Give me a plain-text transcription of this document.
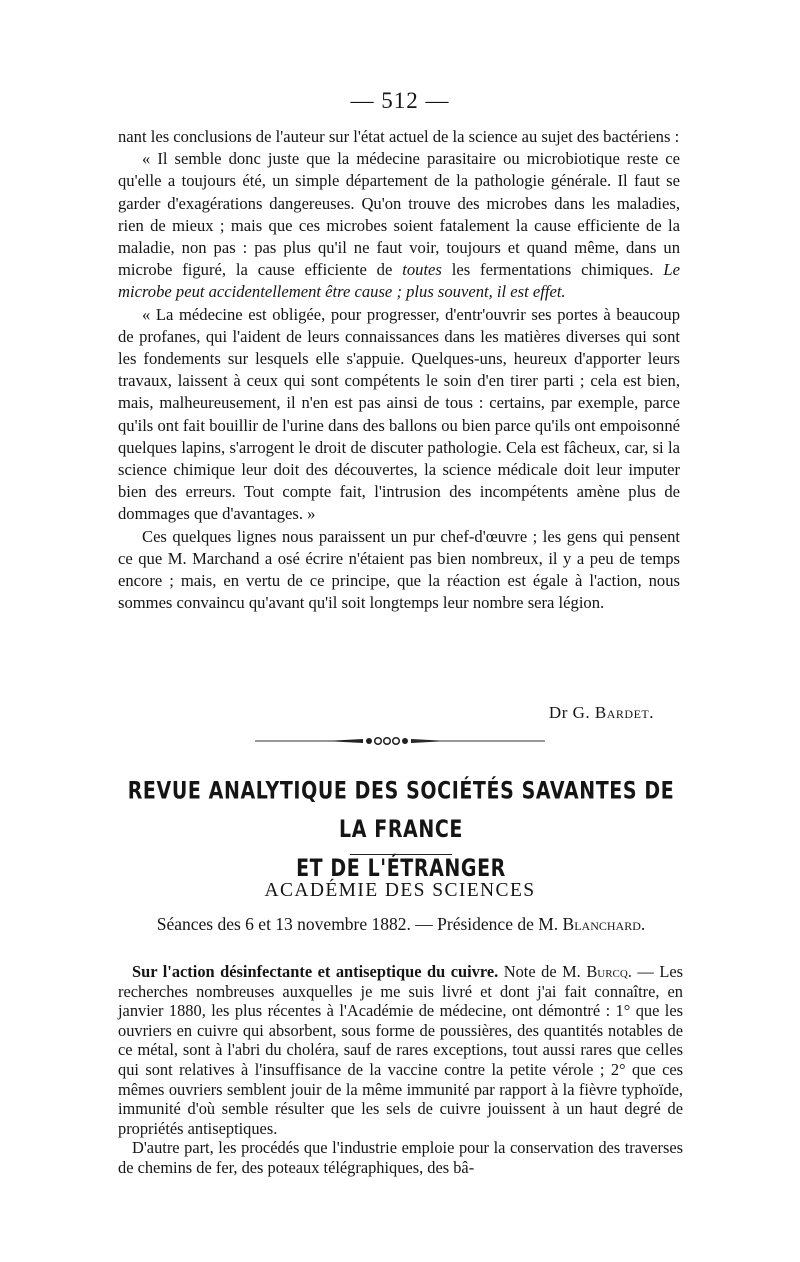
— 512 —

nant les conclusions de l'auteur sur l'état actuel de la science au sujet des bactériens :

« Il semble donc juste que la médecine parasitaire ou microbiotique reste ce qu'elle a toujours été, un simple département de la pathologie générale. Il faut se garder d'exagérations dangereuses. Qu'on trouve des microbes dans les maladies, rien de mieux ; mais que ces microbes soient fatalement la cause efficiente de la maladie, non pas : pas plus qu'il ne faut voir, toujours et quand même, dans un microbe figuré, la cause efficiente de toutes les fermentations chimiques. Le microbe peut accidentellement être cause ; plus souvent, il est effet.

« La médecine est obligée, pour progresser, d'entr'ouvrir ses portes à beaucoup de profanes, qui l'aident de leurs connaissances dans les matières diverses qui sont les fondements sur lesquels elle s'appuie. Quelques-uns, heureux d'apporter leurs travaux, laissent à ceux qui sont compétents le soin d'en tirer parti ; cela est bien, mais, malheureusement, il n'en est pas ainsi de tous : certains, par exemple, parce qu'ils ont fait bouillir de l'urine dans des ballons ou bien parce qu'ils ont empoisonné quelques lapins, s'arrogent le droit de discuter pathologie. Cela est fâcheux, car, si la science chimique leur doit des découvertes, la science médicale doit leur imputer bien des erreurs. Tout compte fait, l'intrusion des incompétents amène plus de dommages que d'avantages. »

Ces quelques lignes nous paraissent un pur chef-d'œuvre ; les gens qui pensent ce que M. Marchand a osé écrire n'étaient pas bien nombreux, il y a peu de temps encore ; mais, en vertu de ce principe, que la réaction est égale à l'action, nous sommes convaincu qu'avant qu'il soit longtemps leur nombre sera légion.

Dr G. Bardet.
REVUE ANALYTIQUE DES SOCIÉTÉS SAVANTES DE LA FRANCE
ET DE L'ÉTRANGER
ACADÉMIE DES SCIENCES
Séances des 6 et 13 novembre 1882. — Présidence de M. Blanchard.

Sur l'action désinfectante et antiseptique du cuivre. Note de M. Burcq. — Les recherches nombreuses auxquelles je me suis livré et dont j'ai fait connaître, en janvier 1880, les plus récentes à l'Académie de médecine, ont démontré : 1° que les ouvriers en cuivre qui absorbent, sous forme de poussières, des quantités notables de ce métal, sont à l'abri du choléra, sauf de rares exceptions, tout aussi rares que celles qui sont relatives à l'insuffisance de la vaccine contre la petite vérole ; 2° que ces mêmes ouvriers semblent jouir de la même immunité par rapport à la fièvre typhoïde, immunité d'où semble résulter que les sels de cuivre jouissent à un haut degré de propriétés antiseptiques.

D'autre part, les procédés que l'industrie emploie pour la conservation des traverses de chemins de fer, des poteaux télégraphiques, des bâ-
